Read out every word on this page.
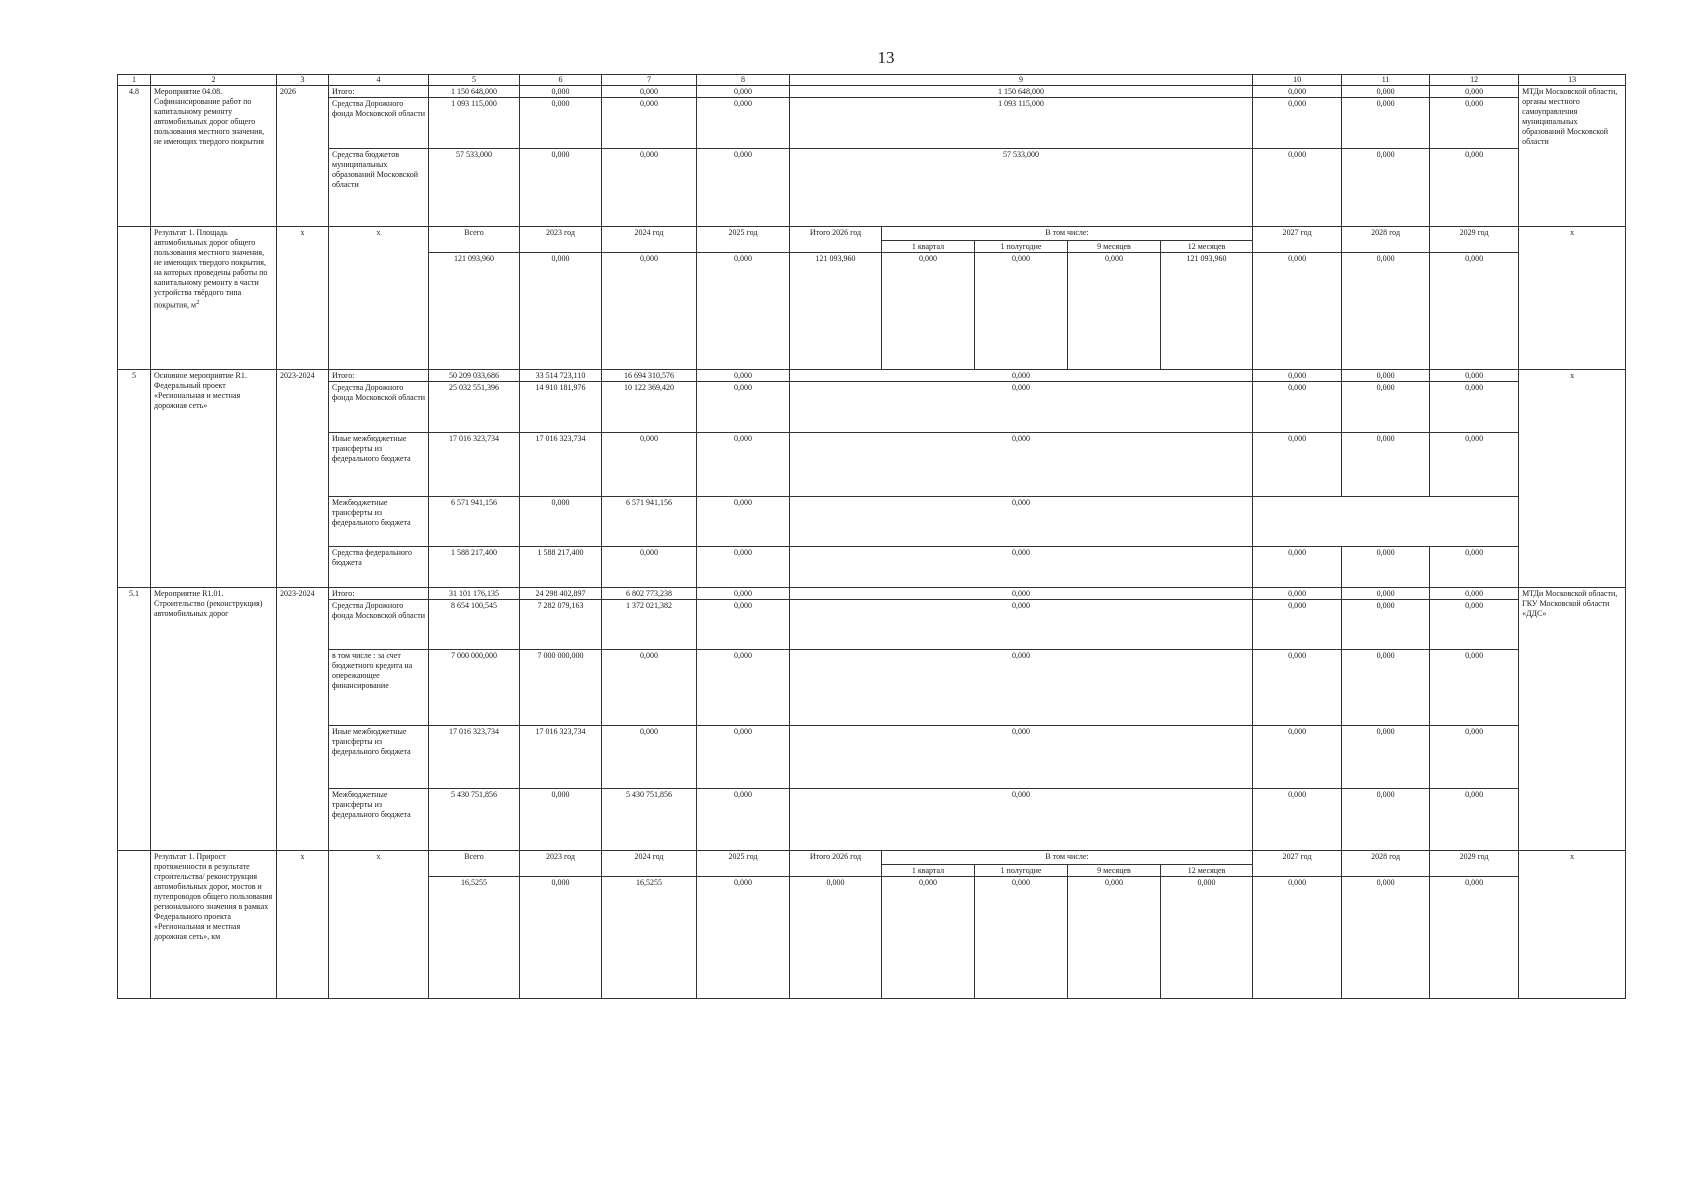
13
1	2	3	4	5	6	7	8	9					10	11	12	13
4.8	Мероприятие 04.08. Софинансирование работ по капитальному ремонту автомобильных дорог общего пользования местного значения, не имеющих твердого покрытия	2026	Итого:	1 150 648,000	0,000	0,000	0,000	1 150 648,000					0,000	0,000	0,000	МТДи Московской области, органы местного самоуправления муниципальных образований Московской области
			Средства Дорожного фонда Московской области	1 093 115,000	0,000	0,000	0,000	1 093 115,000					0,000	0,000	0,000	
			Средства бюджетов муниципальных образований Московской области	57 533,000	0,000	0,000	0,000	57 533,000					0,000	0,000	0,000	
	Результат 1. Площадь автомобильных дорог общего пользования местного значения, не имеющих твердого покрытия, на которых проведены работы по капитальному ремонту в части устройства твёрдого типа покрытия, $м^2$	х	х	Всего	2023 год	2024 год	2025 год	Итого 2026 год	В том числе:				2027 год	2028 год	2029 год	х
									1 квартал	1 полугодие	9 месяцев	12 месяцев				
				121 093,960	0,000	0,000	0,000	121 093,960	0,000	0,000	0,000	121 093,960	0,000	0,000	0,000	
5	Основное мероприятие R1. Федеральный проект «Региональная и местная дорожная сеть»	2023-2024	Итого:	50 209 033,686	33 514 723,110	16 694 310,576	0,000	0,000					0,000	0,000	0,000	х
			Средства Дорожного фонда Московской области	25 032 551,396	14 910 181,976	10 122 369,420	0,000	0,000					0,000	0,000	0,000	
			Иные межбюджетные трансферты из федерального бюджета	17 016 323,734	17 016 323,734	0,000	0,000	0,000					0,000	0,000	0,000	
			Межбюджетные трансферты из федерального бюджета	6 571 941,156	0,000	6 571 941,156	0,000	0,000								
			Средства федерального бюджета	1 588 217,400	1 588 217,400	0,000	0,000	0,000					0,000	0,000	0,000	
5.1	Мероприятие R1.01. Строительство (реконструкция) автомобильных дорог	2023-2024	Итого:	31 101 176,135	24 298 402,897	6 802 773,238	0,000	0,000					0,000	0,000	0,000	МТДи Московской области, ГКУ Московской области «ДДС»
			Средства Дорожного фонда Московской области	8 654 100,545	7 282 079,163	1 372 021,382	0,000	0,000					0,000	0,000	0,000	
			в том числе : за счет бюджетного кредита на опережающее финансирование	7 000 000,000	7 000 000,000	0,000	0,000	0,000					0,000	0,000	0,000	
			Иные межбюджетные трансферты из федерального бюджета	17 016 323,734	17 016 323,734	0,000	0,000	0,000					0,000	0,000	0,000	
			Межбюджетные трансферты из федерального бюджета	5 430 751,856	0,000	5 430 751,856	0,000	0,000					0,000	0,000	0,000	
	Результат 1. Прирост протяженности в результате строительства/ реконструкция автомобильных дорог, мостов и путепроводов общего пользования регионального значения в рамках Федерального проекта «Региональная и местная дорожная сеть», км	х	х	Всего	2023 год	2024 год	2025 год	Итого 2026 год	В том числе:				2027 год	2028 год	2029 год	х
									1 квартал	1 полугодие	9 месяцев	12 месяцев				
				16,5255	0,000	16,5255	0,000	0,000	0,000	0,000	0,000	0,000	0,000	0,000	0,000	
